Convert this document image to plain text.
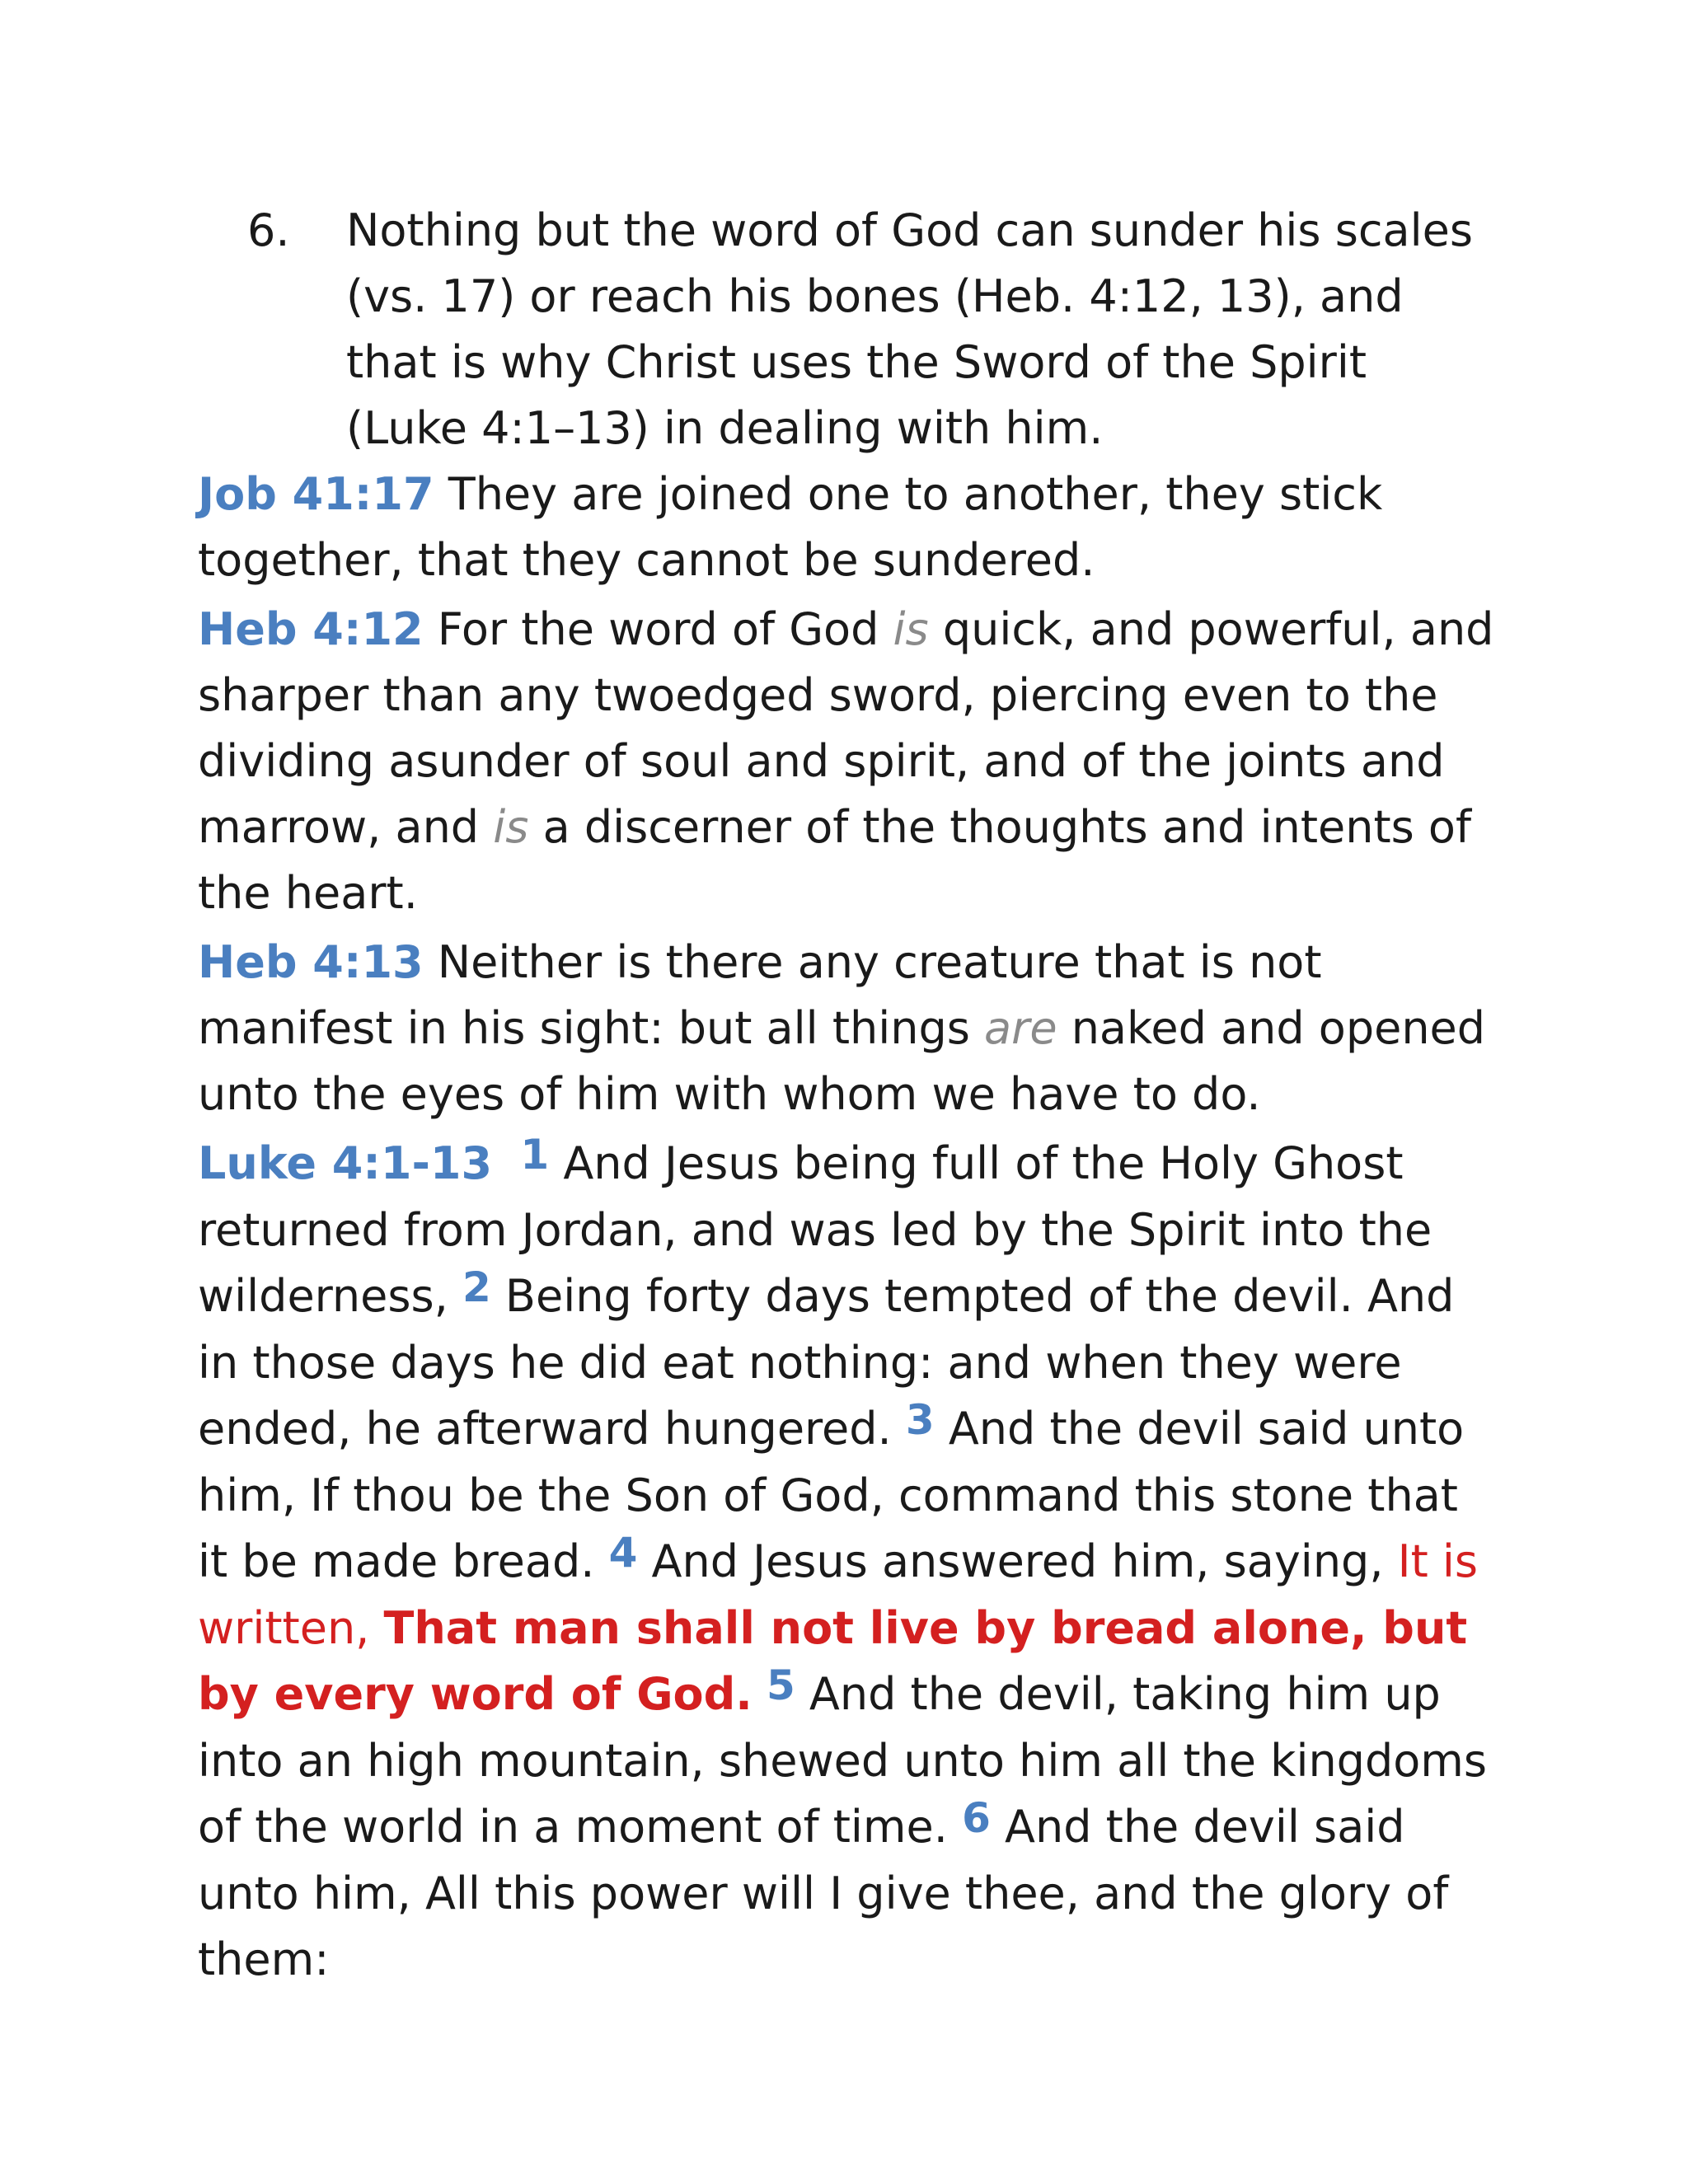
6. Nothing but the word of God can sunder his scales (vs. 17) or reach his bones (Heb. 4:12, 13), and that is why Christ uses the Sword of the Spirit (Luke 4:1–13) in dealing with him.

Job 41:17 They are joined one to another, they stick together, that they cannot be sundered.

Heb 4:12 For the word of God is quick, and powerful, and sharper than any twoedged sword, piercing even to the dividing asunder of soul and spirit, and of the joints and marrow, and is a discerner of the thoughts and intents of the heart.

Heb 4:13 Neither is there any creature that is not manifest in his sight: but all things are naked and opened unto the eyes of him with whom we have to do.

Luke 4:1-13 1 And Jesus being full of the Holy Ghost returned from Jordan, and was led by the Spirit into the wilderness, 2 Being forty days tempted of the devil. And in those days he did eat nothing: and when they were ended, he afterward hungered. 3 And the devil said unto him, If thou be the Son of God, command this stone that it be made bread. 4 And Jesus answered him, saying, It is written, That man shall not live by bread alone, but by every word of God. 5 And the devil, taking him up into an high mountain, shewed unto him all the kingdoms of the world in a moment of time. 6 And the devil said unto him, All this power will I give thee, and the glory of them:
